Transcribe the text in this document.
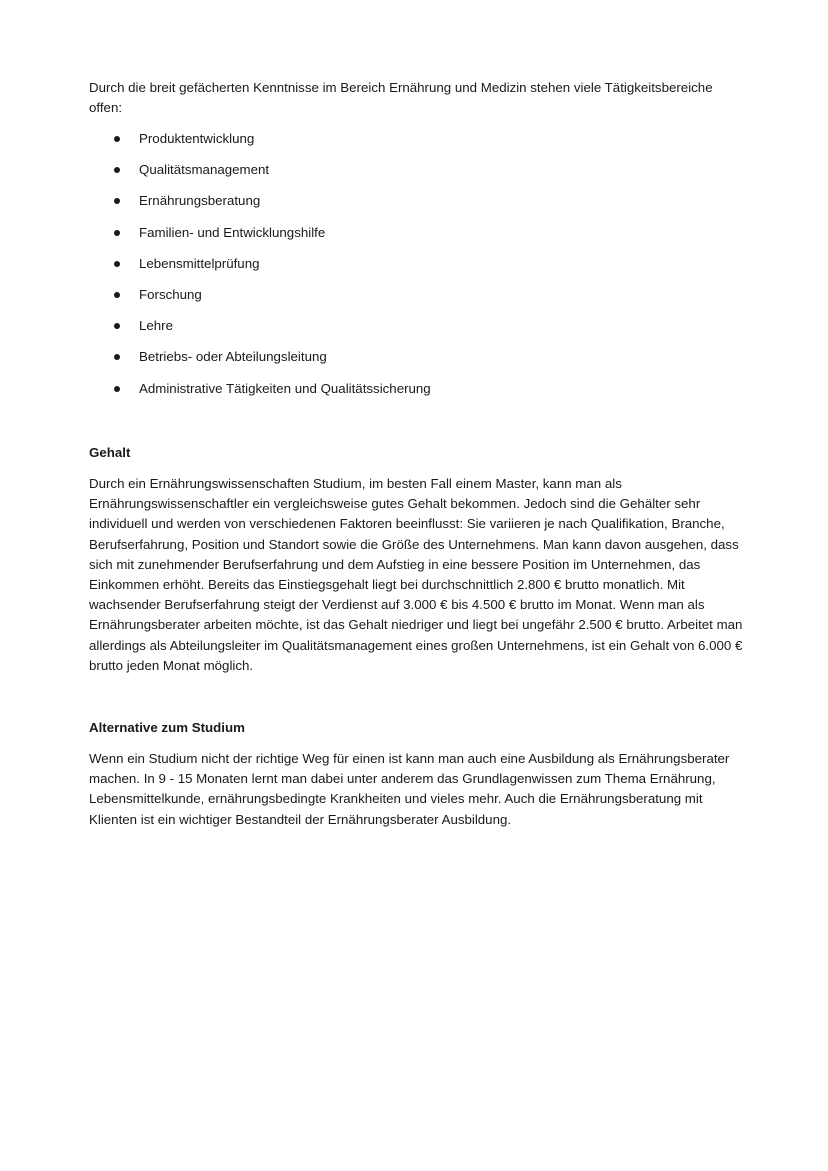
Durch die breit gefächerten Kenntnisse im Bereich Ernährung und Medizin stehen viele Tätigkeitsbereiche offen:

Produktentwicklung
Qualitätsmanagement
Ernährungsberatung
Familien- und Entwicklungshilfe
Lebensmittelprüfung
Forschung
Lehre
Betriebs- oder Abteilungsleitung
Administrative Tätigkeiten und Qualitätssicherung
Gehalt

Durch ein Ernährungswissenschaften Studium, im besten Fall einem Master, kann man als Ernährungswissenschaftler ein vergleichsweise gutes Gehalt bekommen. Jedoch sind die Gehälter sehr individuell und werden von verschiedenen Faktoren beeinflusst: Sie variieren je nach Qualifikation, Branche, Berufserfahrung, Position und Standort sowie die Größe des Unternehmens. Man kann davon ausgehen, dass sich mit zunehmender Berufserfahrung und dem Aufstieg in eine bessere Position im Unternehmen, das Einkommen erhöht. Bereits das Einstiegsgehalt liegt bei durchschnittlich 2.800 € brutto monatlich. Mit wachsender Berufserfahrung steigt der Verdienst auf 3.000 € bis 4.500 € brutto im Monat. Wenn man als Ernährungsberater arbeiten möchte, ist das Gehalt niedriger und liegt bei ungefähr 2.500 € brutto. Arbeitet man allerdings als Abteilungsleiter im Qualitätsmanagement eines großen Unternehmens, ist ein Gehalt von 6.000 € brutto jeden Monat möglich.

Alternative zum Studium

Wenn ein Studium nicht der richtige Weg für einen ist kann man auch eine Ausbildung als Ernährungsberater machen. In 9 - 15 Monaten lernt man dabei unter anderem das Grundlagenwissen zum Thema Ernährung, Lebensmittelkunde, ernährungsbedingte Krankheiten und vieles mehr. Auch die Ernährungsberatung mit Klienten ist ein wichtiger Bestandteil der Ernährungsberater Ausbildung.
